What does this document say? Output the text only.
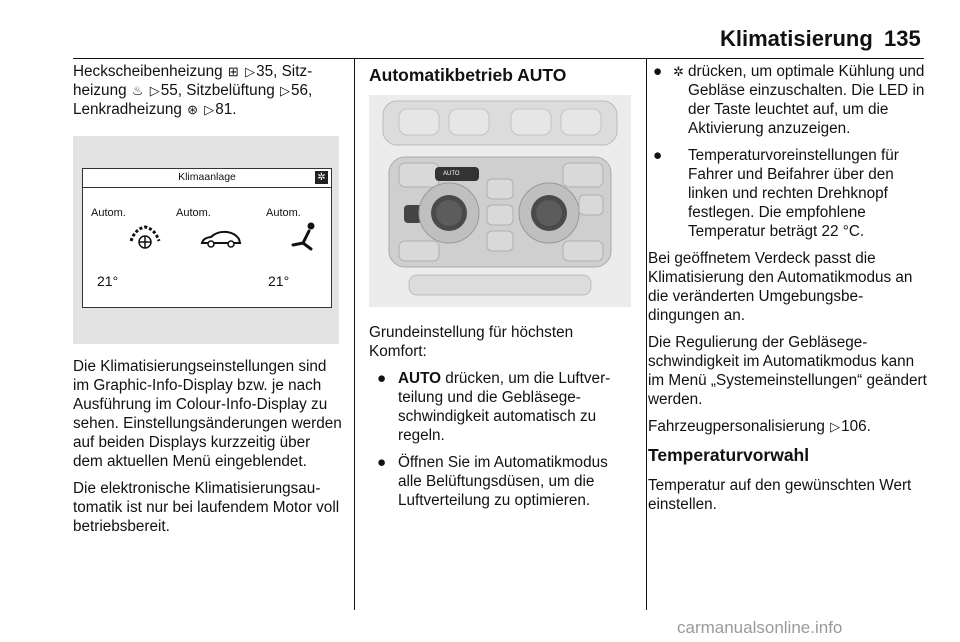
Klimatisierung 135

Heckscheibenheizung ⊞ ▷35, Sitz-
heizung ♨ ▷55, Sitzbelüftung ▷56,
Lenkradheizung ⊛ ▷81.

Klimaanlage	✲
Autom.	Autom.	Autom.
21°	21°

Die Klimatisierungseinstellungen sind im Graphic-Info-Display bzw. je nach Ausführung im Colour-Info-Display zu sehen. Einstellungsänderungen werden auf beiden Displays kurzzeitig über dem aktuellen Menü eingeblendet.

Die elektronische Klimatisierungsautomatik ist nur bei laufendem Motor voll betriebsbereit.

Automatikbetrieb AUTO
AUTO

Grundeinstellung für höchsten Komfort:

● AUTO drücken, um die Luftverteilung und die Gebläsegeschwindigkeit automatisch zu regeln.
● Öffnen Sie im Automatikmodus alle Belüftungsdüsen, um die Luftverteilung zu optimieren.
● ✲ drücken, um optimale Kühlung und Gebläse einzuschalten. Die LED in der Taste leuchtet auf, um die Aktivierung anzuzeigen.
● Temperaturvoreinstellungen für Fahrer und Beifahrer über den linken und rechten Drehknopf festlegen. Die empfohlene Temperatur beträgt 22 °C.

Bei geöffnetem Verdeck passt die Klimatisierung den Automatikmodus an die veränderten Umgebungsbedingungen an.

Die Regulierung der Gebläsegeschwindigkeit im Automatikmodus kann im Menü „Systemeinstellungen“ geändert werden.

Fahrzeugpersonalisierung ▷106.

Temperaturvorwahl

Temperatur auf den gewünschten Wert einstellen.

carmanualsonline.info
